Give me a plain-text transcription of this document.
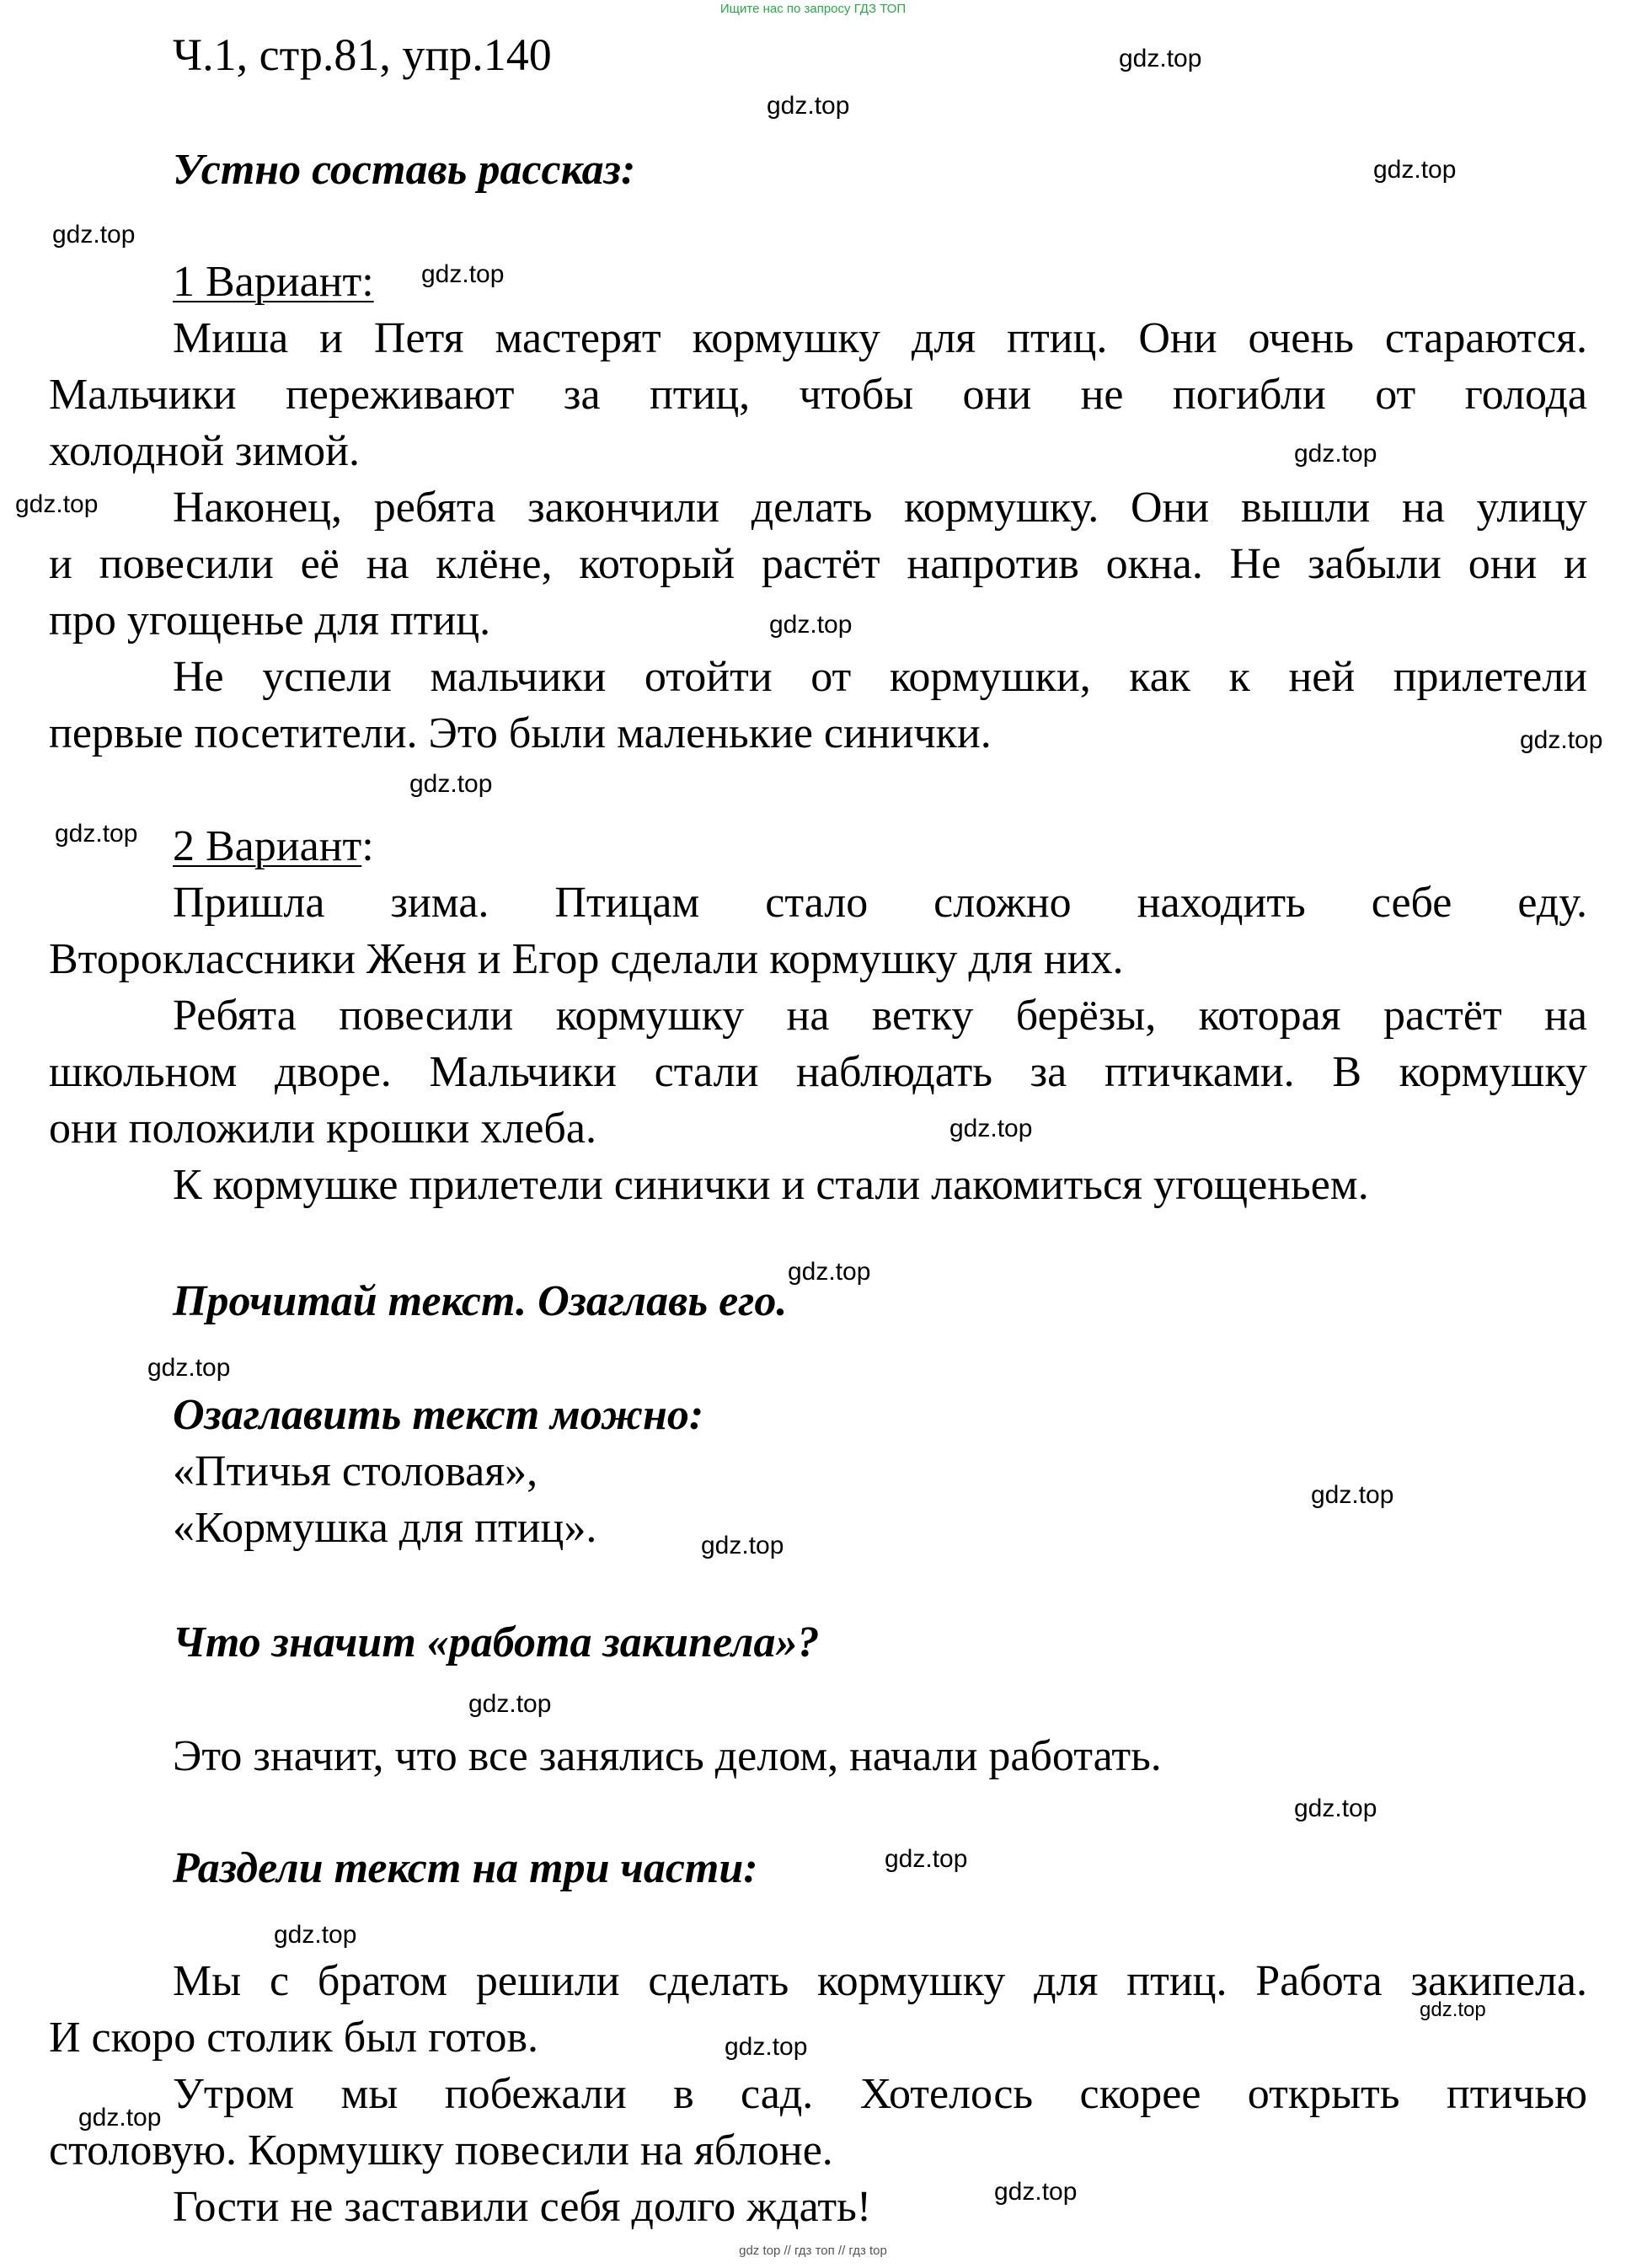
Ищите нас по запросу ГДЗ ТОП
Ч.1, стр.81, упр.140
Устно составь рассказ:
1 Вариант:
Миша и Петя мастерят кормушку для птиц. Они очень стараются.
Мальчики переживают за птиц, чтобы они не погибли от голода
холодной зимой.
Наконец, ребята закончили делать кормушку. Они вышли на улицу
и повесили её на клёне, который растёт напротив окна. Не забыли они и
про угощенье для птиц.
Не успели мальчики отойти от кормушки, как к ней прилетели
первые посетители. Это были маленькие синички.
2 Вариант:
Пришла зима. Птицам стало сложно находить себе еду.
Второклассники Женя и Егор сделали кормушку для них.
Ребята повесили кормушку на ветку берёзы, которая растёт на
школьном дворе. Мальчики стали наблюдать за птичками. В кормушку
они положили крошки хлеба.
К кормушке прилетели синички и стали лакомиться угощеньем.
Прочитай текст. Озаглавь его.
Озаглавить текст можно:
«Птичья столовая»,
«Кормушка для птиц».
Что значит «работа закипела»?
Это значит, что все занялись делом, начали работать.
Раздели текст на три части:
Мы с братом решили сделать кормушку для птиц. Работа закипела.
И скоро столик был готов.
Утром мы побежали в сад. Хотелось скорее открыть птичью
столовую. Кормушку повесили на яблоне.
Гости не заставили себя долго ждать!
gdz.top
gdz.top
gdz.top
gdz.top
gdz.top
gdz.top
gdz.top
gdz.top
gdz.top
gdz.top
gdz.top
gdz.top
gdz.top
gdz.top
gdz.top
gdz.top
gdz.top
gdz.top
gdz.top
gdz.top
gdz.top
gdz.top
gdz.top
gdz.top
gdz top // гдз топ // гдз top
